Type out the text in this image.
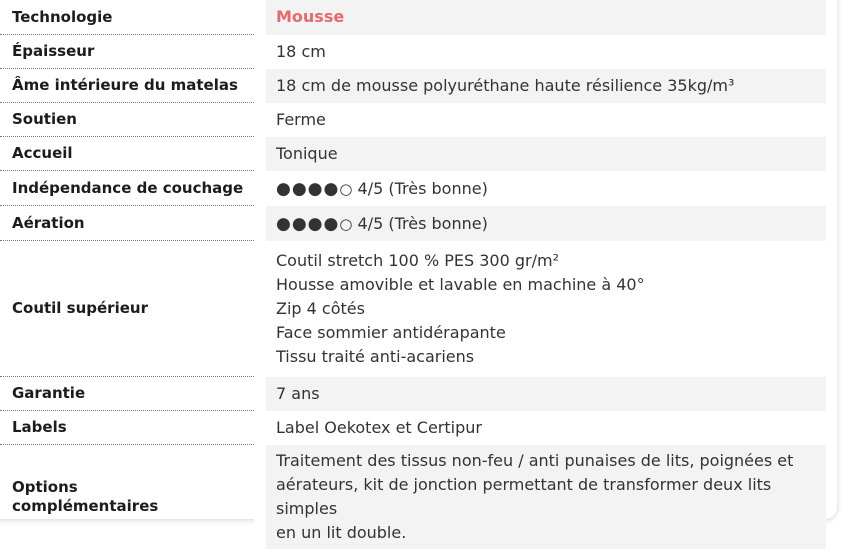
Technologie		Mousse
Épaisseur		18 cm
Âme intérieure du matelas		18 cm de mousse polyuréthane haute résilience 35kg/m³
Soutien		Ferme
Accueil		Tonique
Indépendance de couchage		●●●●○ 4/5 (Très bonne)
Aération		●●●●○ 4/5 (Très bonne)
Coutil supérieur		Coutil stretch 100 % PES 300 gr/m²
Housse amovible et lavable en machine à 40°
Zip 4 côtés
Face sommier antidérapante
Tissu traité anti-acariens

Garantie		7 ans
Labels		Label Oekotex et Certipur

Options
complémentaires		Traitement des tissus non-feu / anti punaises de lits, poignées et
aérateurs, kit de jonction permettant de transformer deux lits simples
en un lit double.
